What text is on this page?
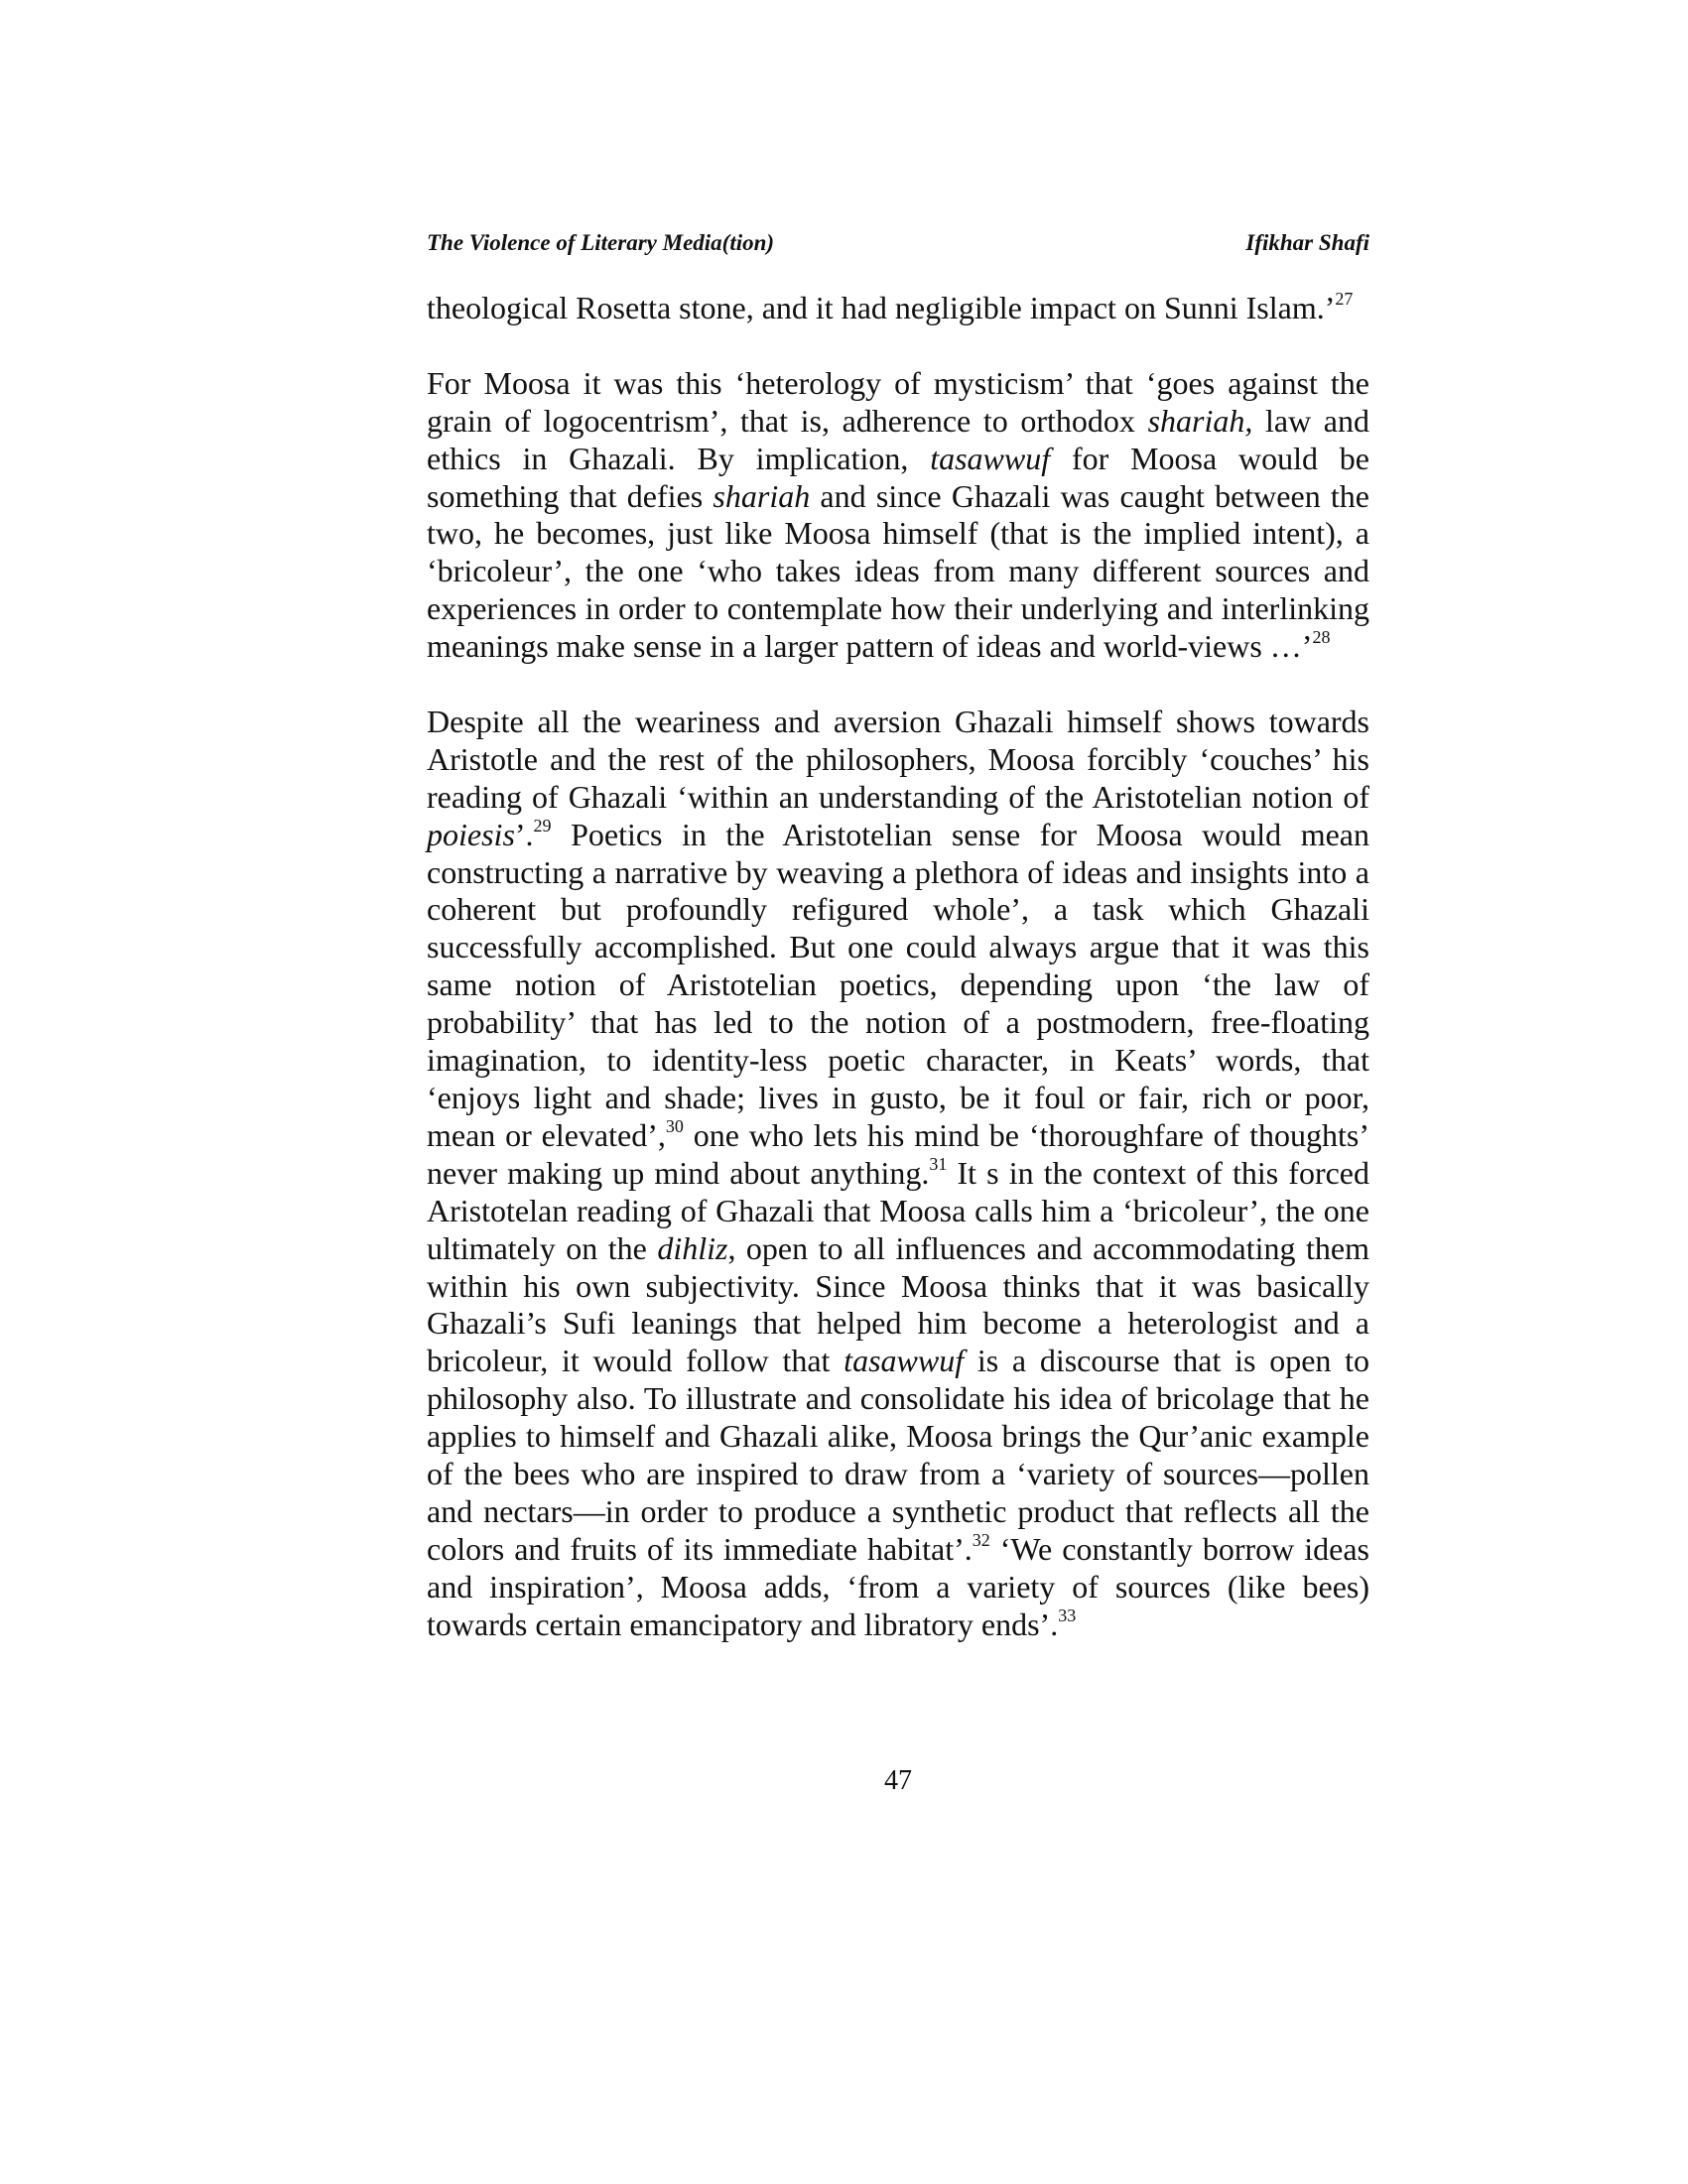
The Violence of Literary Media(tion)	Ifikhar Shafi

theological Rosetta stone, and it had negligible impact on Sunni Islam.’$^{27}$

For Moosa it was this ‘heterology of mysticism’ that ‘goes against the grain of logocentrism’, that is, adherence to orthodox shariah, law and ethics in Ghazali. By implication, tasawwuf for Moosa would be something that defies shariah and since Ghazali was caught between the two, he becomes, just like Moosa himself (that is the implied intent), a ‘bricoleur’, the one ‘who takes ideas from many different sources and experiences in order to contemplate how their underlying and interlinking meanings make sense in a larger pattern of ideas and world-views …’$^{28}$

Despite all the weariness and aversion Ghazali himself shows towards Aristotle and the rest of the philosophers, Moosa forcibly ‘couches’ his reading of Ghazali ‘within an understanding of the Aristotelian notion of poiesis’.$^{29}$ Poetics in the Aristotelian sense for Moosa would mean constructing a narrative by weaving a plethora of ideas and insights into a coherent but profoundly refigured whole’, a task which Ghazali successfully accomplished. But one could always argue that it was this same notion of Aristotelian poetics, depending upon ‘the law of probability’ that has led to the notion of a postmodern, free-floating imagination, to identity-less poetic character, in Keats’ words, that ‘enjoys light and shade; lives in gusto, be it foul or fair, rich or poor, mean or elevated’,$^{30}$ one who lets his mind be ‘thoroughfare of thoughts’ never making up mind about anything.$^{31}$ It s in the context of this forced Aristotelan reading of Ghazali that Moosa calls him a ‘bricoleur’, the one ultimately on the dihliz, open to all influences and accommodating them within his own subjectivity. Since Moosa thinks that it was basically Ghazali’s Sufi leanings that helped him become a heterologist and a bricoleur, it would follow that tasawwuf is a discourse that is open to philosophy also. To illustrate and consolidate his idea of bricolage that he applies to himself and Ghazali alike, Moosa brings the Qur’anic example of the bees who are inspired to draw from a ‘variety of sources—pollen and nectars—in order to produce a synthetic product that reflects all the colors and fruits of its immediate habitat’.$^{32}$ ‘We constantly borrow ideas and inspiration’, Moosa adds, ‘from a variety of sources (like bees) towards certain emancipatory and libratory ends’.$^{33}$

47
